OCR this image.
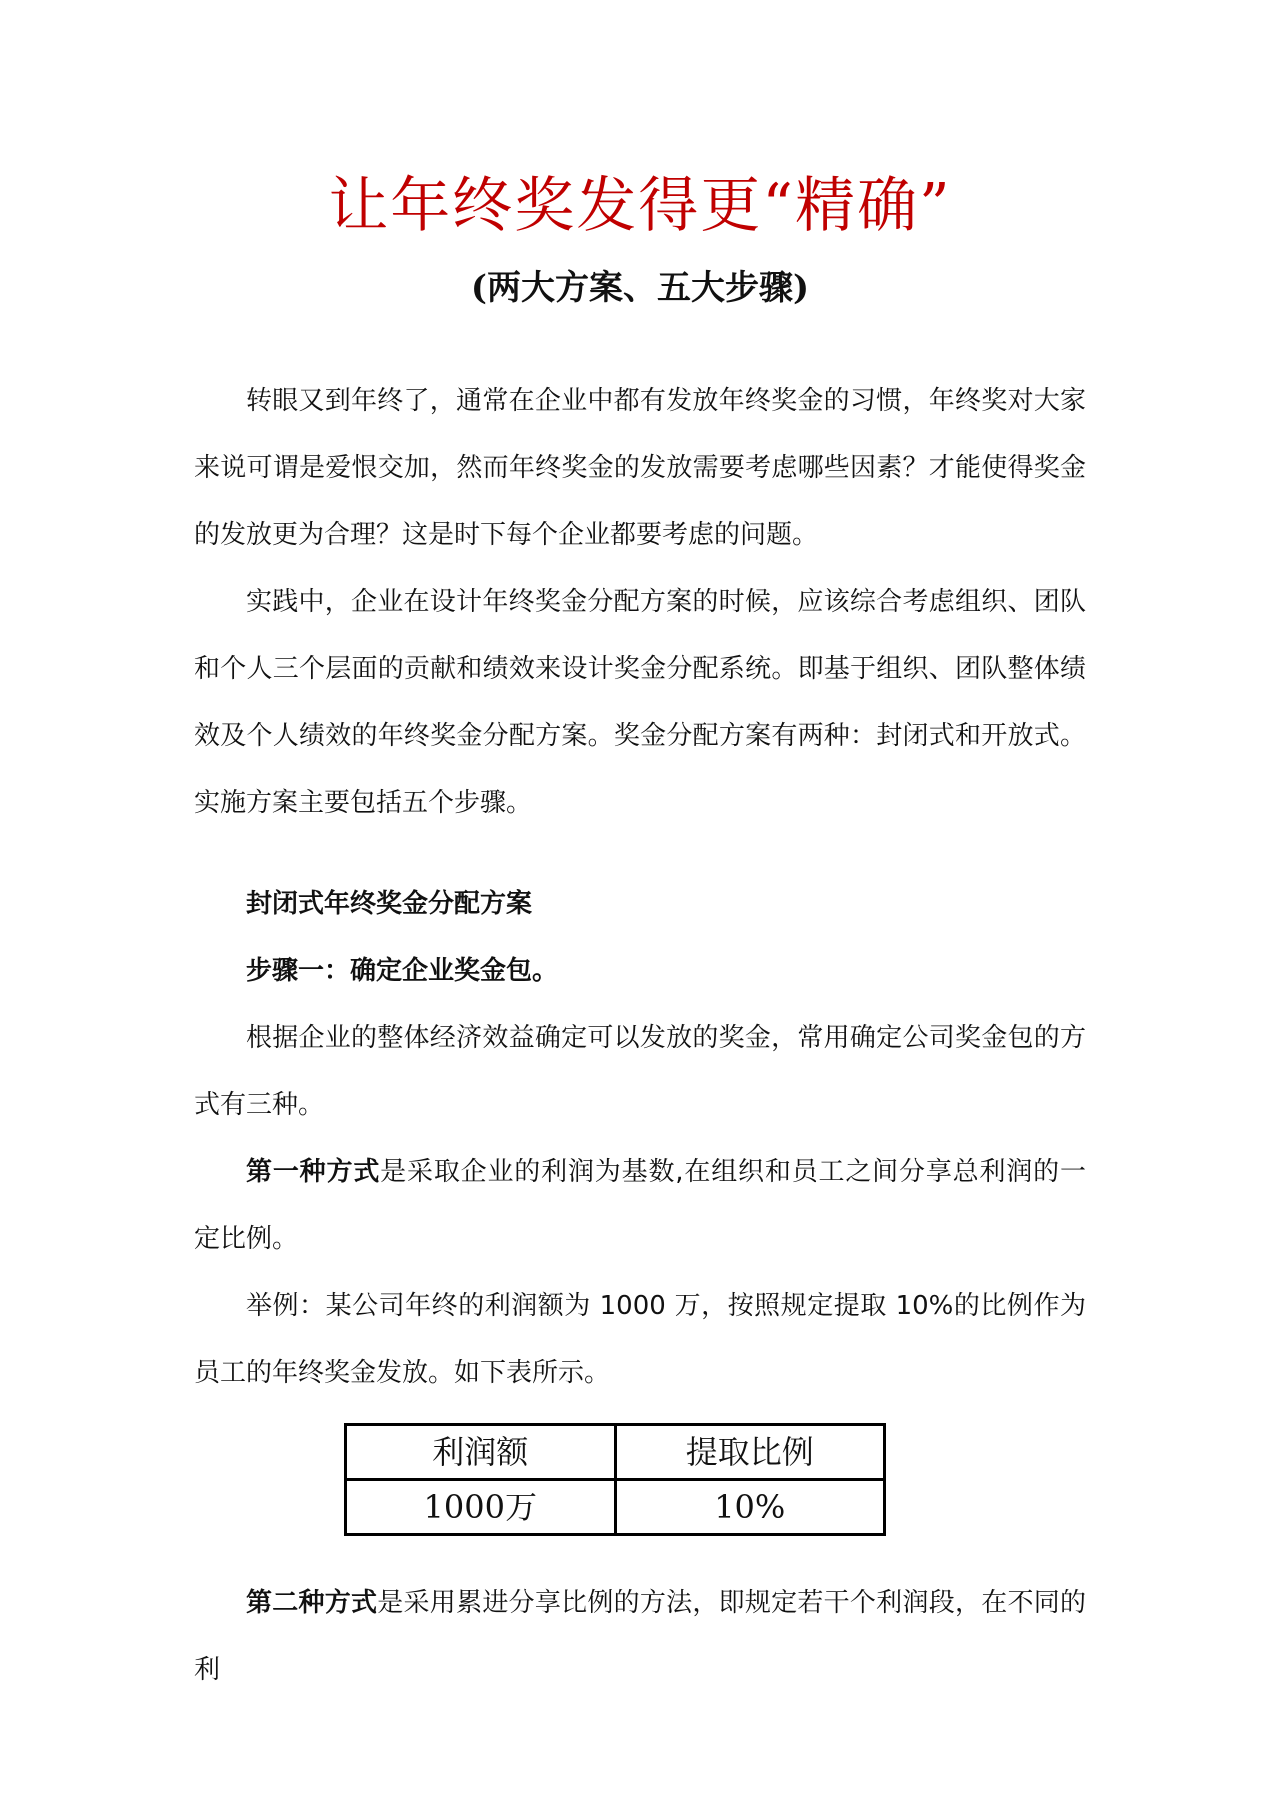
让年终奖发得更“精确”
(两大方案、五大步骤)

转眼又到年终了，通常在企业中都有发放年终奖金的习惯，年终奖对大家来说可谓是爱恨交加，然而年终奖金的发放需要考虑哪些因素？才能使得奖金的发放更为合理？这是时下每个企业都要考虑的问题。

实践中，企业在设计年终奖金分配方案的时候，应该综合考虑组织、团队和个人三个层面的贡献和绩效来设计奖金分配系统。即基于组织、团队整体绩效及个人绩效的年终奖金分配方案。奖金分配方案有两种：封闭式和开放式。实施方案主要包括五个步骤。

封闭式年终奖金分配方案

步骤一：确定企业奖金包。

根据企业的整体经济效益确定可以发放的奖金，常用确定公司奖金包的方式有三种。

第一种方式是采取企业的利润为基数,在组织和员工之间分享总利润的一定比例。

举例：某公司年终的利润额为 1000 万，按照规定提取 10%的比例作为员工的年终奖金发放。如下表所示。

利润额	提取比例
1000万	10%

第二种方式是采用累进分享比例的方法，即规定若干个利润段，在不同的利
